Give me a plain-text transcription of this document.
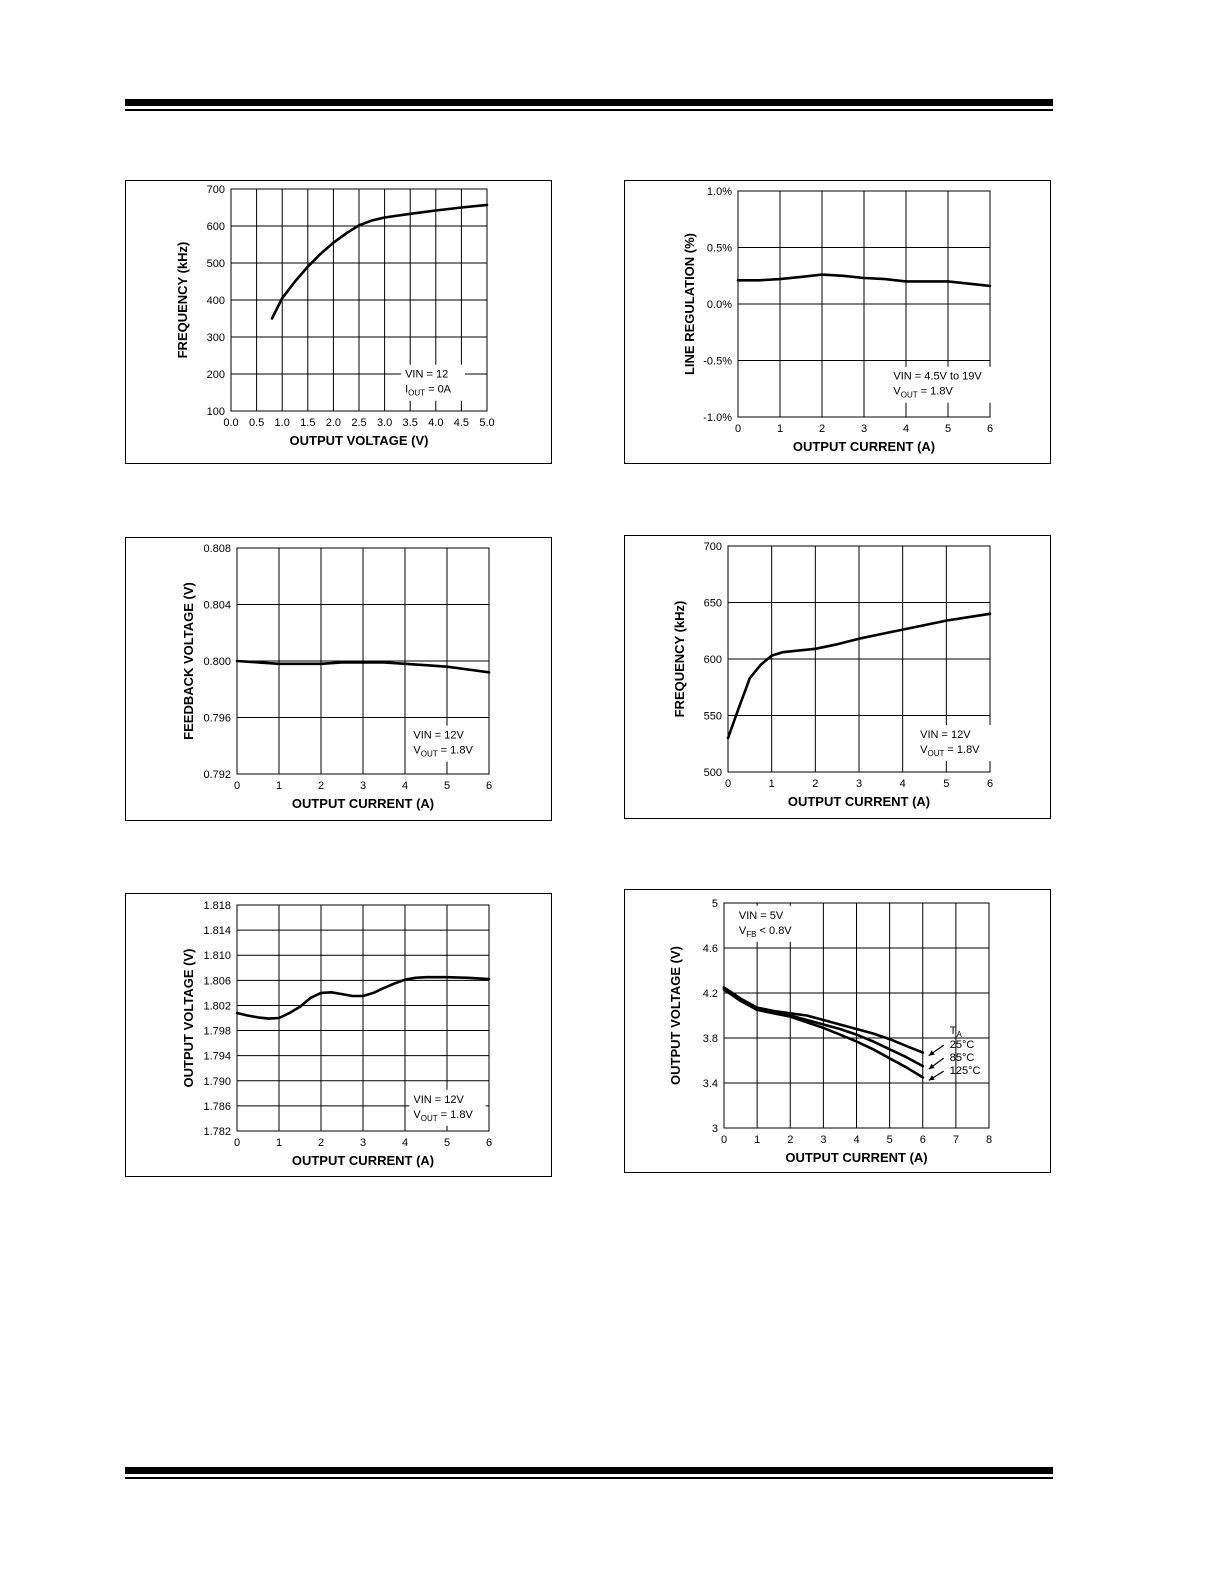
0.0 0.5 1.0 1.5 2.0 2.5 3.0 3.5 4.0 4.5 5.0
100
200
300
400
500
600
700
OUTPUT VOLTAGE (V)
FREQUENCY (kHz)
VIN = 12
$I_{OUT} = 0A$
0	1	2	3	4	5	6
-1.0%
-0.5%
0.0%
0.5%
1.0%
OUTPUT CURRENT (A)
LINE REGULATION (%)
VIN = 4.5V to 19V
$V_{OUT} = 1.8V$
0	1	2	3	4	5	6
0.792
0.796
0.800
0.804
0.808
OUTPUT CURRENT (A)
FEEDBACK VOLTAGE (V)	VIN = 12V
$V_{OUT} = 1.8V$
0	1	2	3	4	5	6
500
550
600
650
700
OUTPUT CURRENT (A)
FREQUENCY (kHz)
VIN = 12V
$V_{OUT} = 1.8V$
0	1	2	3	4	5	6
1.782
1.786
1.790
1.794
1.798
1.802
1.806
1.810
1.814
1.818
OUTPUT CURRENT (A)
OUTPUT VOLTAGE (V)
VIN = 12V
$V_{OUT} = 1.8V$
0 1 2 3 4 5 6 7 8
3
3.4
3.8
4.2
4.6
5
OUTPUT CURRENT (A)
OUTPUT VOLTAGE (V)
VIN = 5V
$V_{FB} < 0.8V$
$T_A$
25°C
85°C
125°C
